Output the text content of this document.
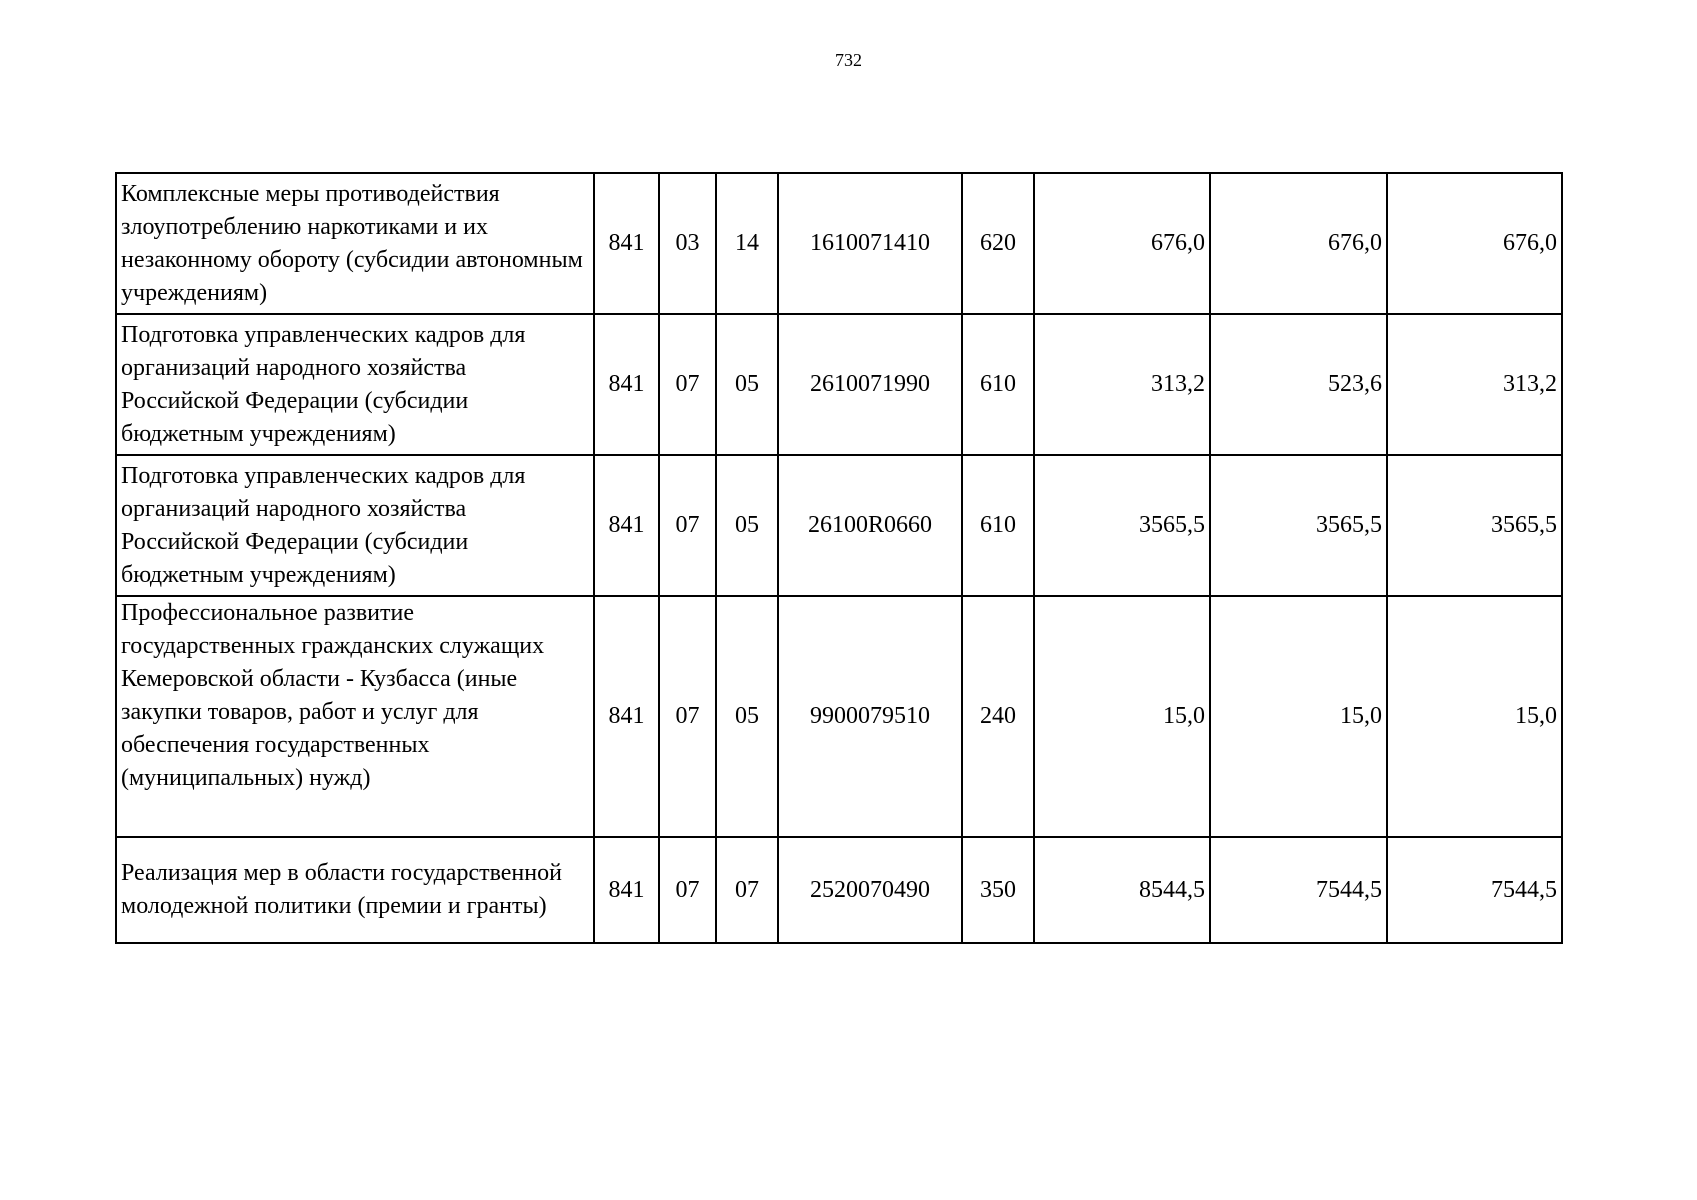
732
Комплексные меры противодействия злоупотреблению наркотиками и их незаконному обороту (субсидии автономным учреждениям)	841	03	14	1610071410	620	676,0	676,0	676,0
Подготовка управленческих кадров для организаций народного хозяйства Российской Федерации (субсидии бюджетным учреждениям)	841	07	05	2610071990	610	313,2	523,6	313,2
Подготовка управленческих кадров для организаций народного хозяйства Российской Федерации (субсидии бюджетным учреждениям)	841	07	05	26100R0660	610	3565,5	3565,5	3565,5
Профессиональное развитие государственных гражданских служащих Кемеровской области - Кузбасса (иные закупки товаров, работ и услуг для обеспечения государственных (муниципальных) нужд)	841	07	05	9900079510	240	15,0	15,0	15,0
Реализация мер в области государственной молодежной политики (премии и гранты)	841	07	07	2520070490	350	8544,5	7544,5	7544,5
